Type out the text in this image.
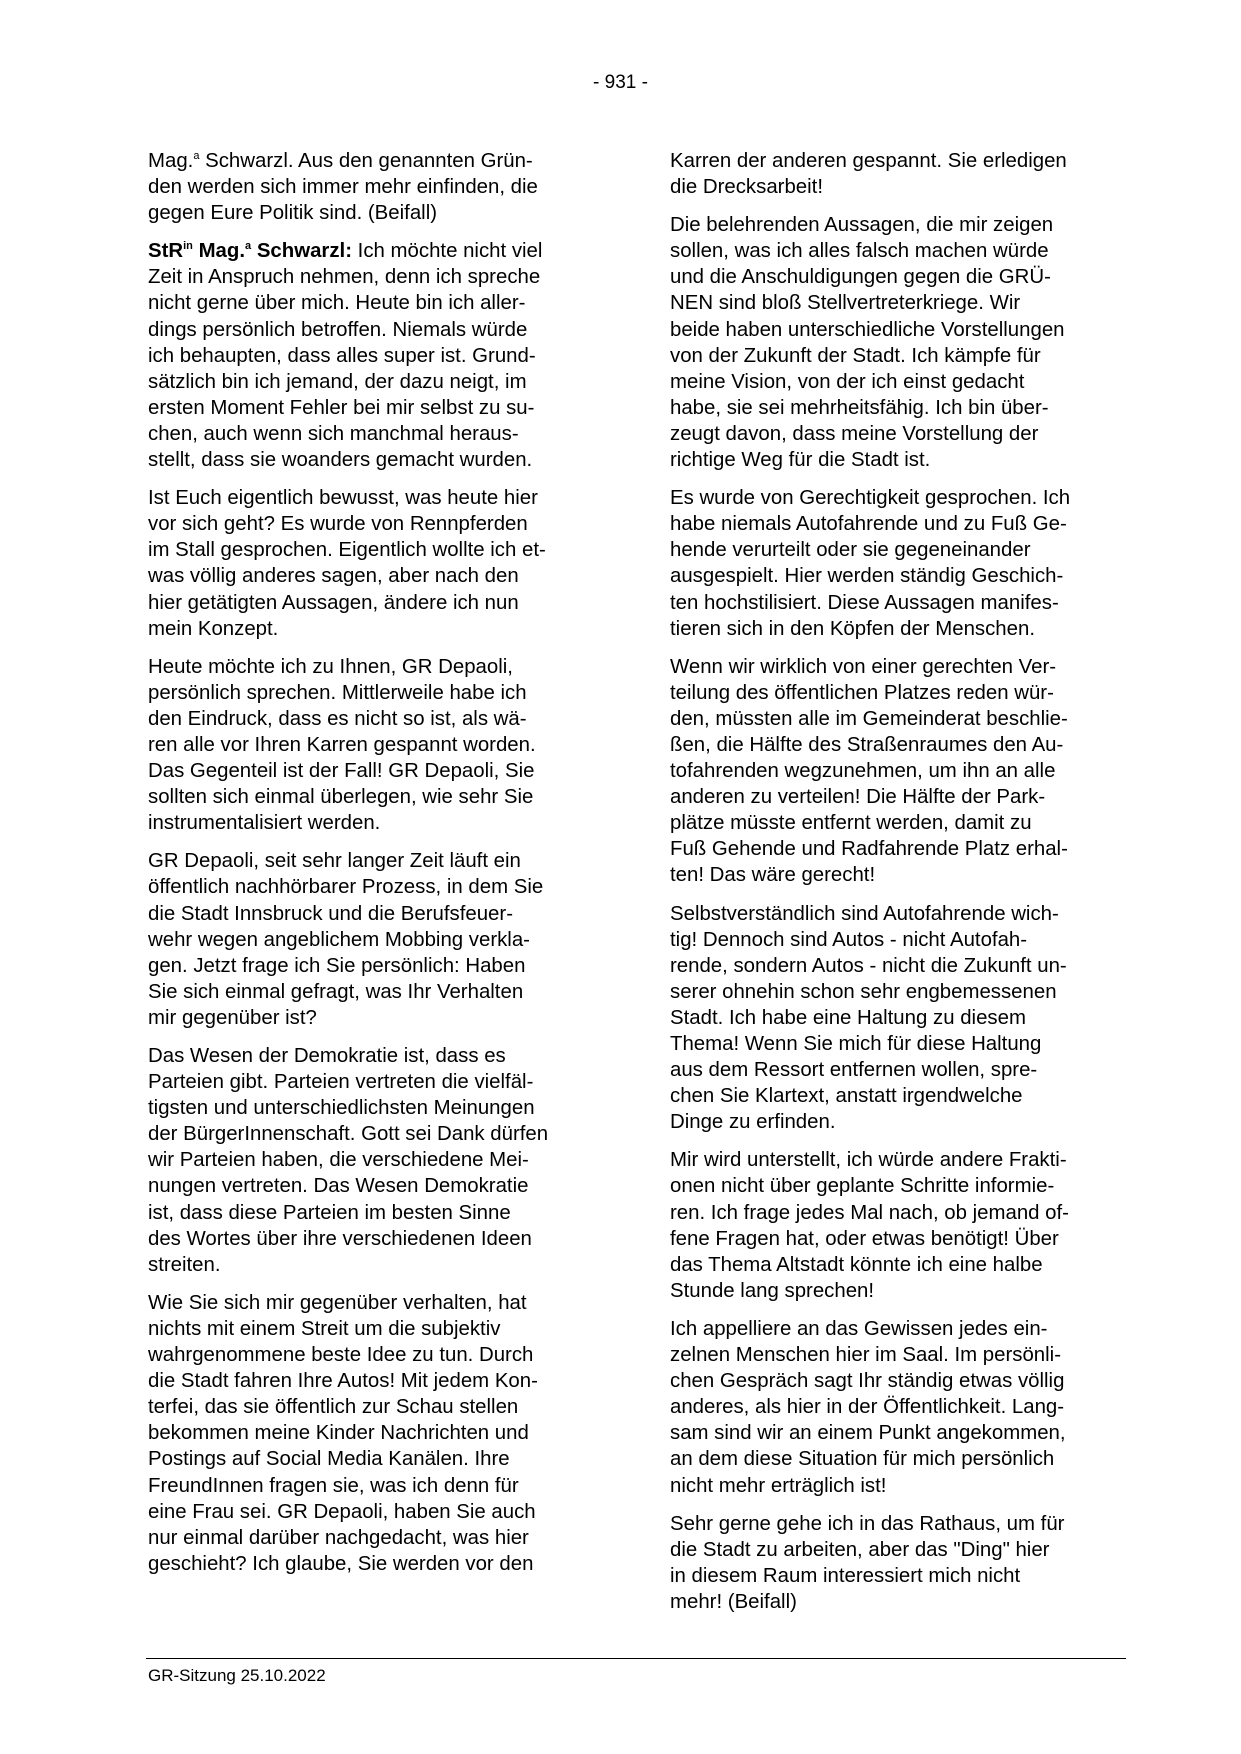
- 931 -

Mag.$^a$ Schwarzl. Aus den genannten Grün-
den werden sich immer mehr einfinden, die
gegen Eure Politik sind. (Beifall)

StR$^{in}$ Mag.$^a$ Schwarzl: Ich möchte nicht viel
Zeit in Anspruch nehmen, denn ich spreche
nicht gerne über mich. Heute bin ich aller-
dings persönlich betroffen. Niemals würde
ich behaupten, dass alles super ist. Grund-
sätzlich bin ich jemand, der dazu neigt, im
ersten Moment Fehler bei mir selbst zu su-
chen, auch wenn sich manchmal heraus-
stellt, dass sie woanders gemacht wurden.

Ist Euch eigentlich bewusst, was heute hier
vor sich geht? Es wurde von Rennpferden
im Stall gesprochen. Eigentlich wollte ich et-
was völlig anderes sagen, aber nach den
hier getätigten Aussagen, ändere ich nun
mein Konzept.

Heute möchte ich zu Ihnen, GR Depaoli,
persönlich sprechen. Mittlerweile habe ich
den Eindruck, dass es nicht so ist, als wä-
ren alle vor Ihren Karren gespannt worden.
Das Gegenteil ist der Fall! GR Depaoli, Sie
sollten sich einmal überlegen, wie sehr Sie
instrumentalisiert werden.

GR Depaoli, seit sehr langer Zeit läuft ein
öffentlich nachhörbarer Prozess, in dem Sie
die Stadt Innsbruck und die Berufsfeuer-
wehr wegen angeblichem Mobbing verkla-
gen. Jetzt frage ich Sie persönlich: Haben
Sie sich einmal gefragt, was Ihr Verhalten
mir gegenüber ist?

Das Wesen der Demokratie ist, dass es
Parteien gibt. Parteien vertreten die vielfäl-
tigsten und unterschiedlichsten Meinungen
der BürgerInnenschaft. Gott sei Dank dürfen
wir Parteien haben, die verschiedene Mei-
nungen vertreten. Das Wesen Demokratie
ist, dass diese Parteien im besten Sinne
des Wortes über ihre verschiedenen Ideen
streiten.

Wie Sie sich mir gegenüber verhalten, hat
nichts mit einem Streit um die subjektiv
wahrgenommene beste Idee zu tun. Durch
die Stadt fahren Ihre Autos! Mit jedem Kon-
terfei, das sie öffentlich zur Schau stellen
bekommen meine Kinder Nachrichten und
Postings auf Social Media Kanälen. Ihre
FreundInnen fragen sie, was ich denn für
eine Frau sei. GR Depaoli, haben Sie auch
nur einmal darüber nachgedacht, was hier
geschieht? Ich glaube, Sie werden vor den

Karren der anderen gespannt. Sie erledigen
die Drecksarbeit!

Die belehrenden Aussagen, die mir zeigen
sollen, was ich alles falsch machen würde
und die Anschuldigungen gegen die GRÜ-
NEN sind bloß Stellvertreterkriege. Wir
beide haben unterschiedliche Vorstellungen
von der Zukunft der Stadt. Ich kämpfe für
meine Vision, von der ich einst gedacht
habe, sie sei mehrheitsfähig. Ich bin über-
zeugt davon, dass meine Vorstellung der
richtige Weg für die Stadt ist.

Es wurde von Gerechtigkeit gesprochen. Ich
habe niemals Autofahrende und zu Fuß Ge-
hende verurteilt oder sie gegeneinander
ausgespielt. Hier werden ständig Geschich-
ten hochstilisiert. Diese Aussagen manifes-
tieren sich in den Köpfen der Menschen.

Wenn wir wirklich von einer gerechten Ver-
teilung des öffentlichen Platzes reden wür-
den, müssten alle im Gemeinderat beschlie-
ßen, die Hälfte des Straßenraumes den Au-
tofahrenden wegzunehmen, um ihn an alle
anderen zu verteilen! Die Hälfte der Park-
plätze müsste entfernt werden, damit zu
Fuß Gehende und Radfahrende Platz erhal-
ten! Das wäre gerecht!

Selbstverständlich sind Autofahrende wich-
tig! Dennoch sind Autos - nicht Autofah-
rende, sondern Autos - nicht die Zukunft un-
serer ohnehin schon sehr engbemessenen
Stadt. Ich habe eine Haltung zu diesem
Thema! Wenn Sie mich für diese Haltung
aus dem Ressort entfernen wollen, spre-
chen Sie Klartext, anstatt irgendwelche
Dinge zu erfinden.

Mir wird unterstellt, ich würde andere Frakti-
onen nicht über geplante Schritte informie-
ren. Ich frage jedes Mal nach, ob jemand of-
fene Fragen hat, oder etwas benötigt! Über
das Thema Altstadt könnte ich eine halbe
Stunde lang sprechen!

Ich appelliere an das Gewissen jedes ein-
zelnen Menschen hier im Saal. Im persönli-
chen Gespräch sagt Ihr ständig etwas völlig
anderes, als hier in der Öffentlichkeit. Lang-
sam sind wir an einem Punkt angekommen,
an dem diese Situation für mich persönlich
nicht mehr erträglich ist!

Sehr gerne gehe ich in das Rathaus, um für
die Stadt zu arbeiten, aber das "Ding" hier
in diesem Raum interessiert mich nicht
mehr! (Beifall)

GR-Sitzung 25.10.2022
